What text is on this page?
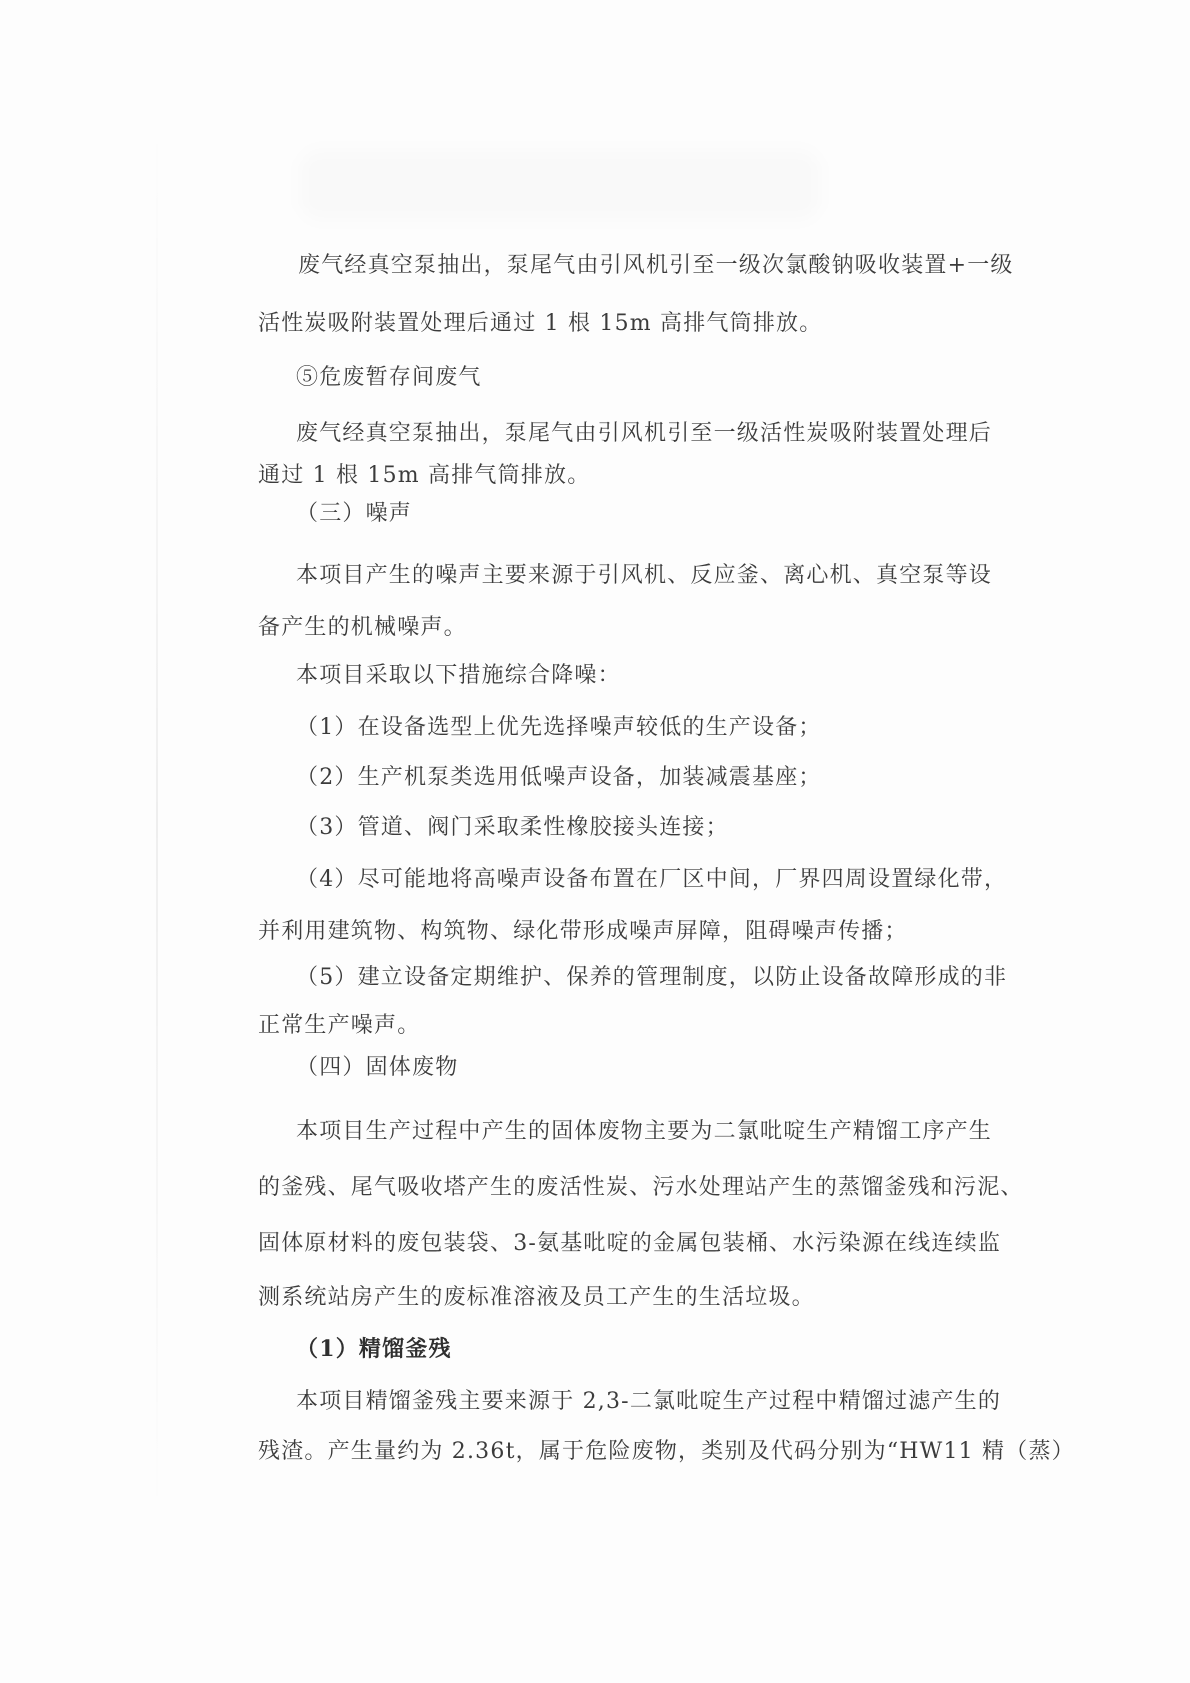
废气经真空泵抽出，泵尾气由引风机引至一级次氯酸钠吸收装置+一级
活性炭吸附装置处理后通过 1 根 15m 高排气筒排放。
⑤危废暂存间废气
废气经真空泵抽出，泵尾气由引风机引至一级活性炭吸附装置处理后
通过 1 根 15m 高排气筒排放。
（三）噪声
本项目产生的噪声主要来源于引风机、反应釜、离心机、真空泵等设
备产生的机械噪声。
本项目采取以下措施综合降噪：
（1）在设备选型上优先选择噪声较低的生产设备；
（2）生产机泵类选用低噪声设备，加装减震基座；
（3）管道、阀门采取柔性橡胶接头连接；
（4）尽可能地将高噪声设备布置在厂区中间，厂界四周设置绿化带，
并利用建筑物、构筑物、绿化带形成噪声屏障，阻碍噪声传播；
（5）建立设备定期维护、保养的管理制度，以防止设备故障形成的非
正常生产噪声。
（四）固体废物
本项目生产过程中产生的固体废物主要为二氯吡啶生产精馏工序产生
的釜残、尾气吸收塔产生的废活性炭、污水处理站产生的蒸馏釜残和污泥、
固体原材料的废包装袋、3-氨基吡啶的金属包装桶、水污染源在线连续监
测系统站房产生的废标准溶液及员工产生的生活垃圾。
（1）精馏釜残
本项目精馏釜残主要来源于 2,3-二氯吡啶生产过程中精馏过滤产生的
残渣。产生量约为 2.36t，属于危险废物，类别及代码分别为“HW11 精（蒸）
